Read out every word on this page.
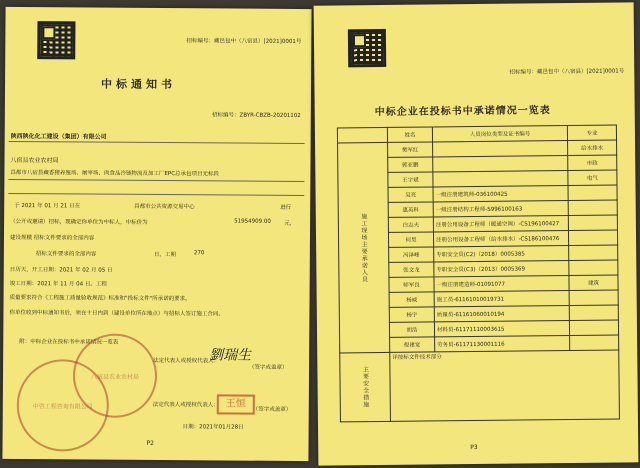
招标编号：藏邑包中（八宿县）[2021]0001号
中标通知书
招标编号：ZBYR-CBZB-20201102
陕西陕化化工建设（集团）有限公司
八宿县农业农村局
昌都市八宿县藏香猪养殖场、屠宰场、肉食品冷链物流及加工厂EPC总承包项目无标段
于 2021 年 01 月 21 日在	昌都市公共资源交易中心	进行
（公开或邀请）招标，现确定你单位为中标人，中标价为	51954909.00 元，
建设规模 招标文件要求的全部内容
招标文件要求的全部内容	日，工期	270
日历天，开工日期：2021 年 02 月 05 日
竣工日期：2021 年 11 月 04 日。工程
质量要求符合《工程施工质量验收规范》标准和"投标文件"所承诺的要求。
你单位收到中标通知书后，须在十日内到（建设单位所在地点）与招标人签订施工合同。
附：中标企业在投标书中承诺情况一览表
八宿县农业农村局
法定代表人或授权代表人：
劉瑞生
（签字或盖章）
中咨工程咨询有限公司	法定代表人或授权代表人： 王恒
（签字或盖章）
日期：2021年01月28日
P2
招标编号：藏邑包中（八宿县）[2021]0001号
中标企业在投标书中承诺情况一览表
	姓名	人员岗位类型及证书编号	专业
施工现场主要承诺人员	樊军红		给水排水
	郭亚鹏		市政
	王宇斌		电气
	吴亮	一级注册建筑师-036100425	
	惠英科	一级注册结构工程师-S996100163	
	白志夫	注册公用设备工程师（暖通空调）-CS196100427	
	何昊	注册公用设备工程师（给水排水）-CS186100476	
	冯泽峰	专职安全员(C2)（2018）0005385	
	张文龙	专职安全员(C3)（2013）0005369	
	师军良	一级注册建造师-01091077	建筑
	杨威	施工员-61161010019731	
	杨宇	质量员-61161060010194	
	胡浩	材料员-61171110003615	
	倪建宽	劳务员-61171130001116	
主要安全措施	详按标文件技术部分		
P3
